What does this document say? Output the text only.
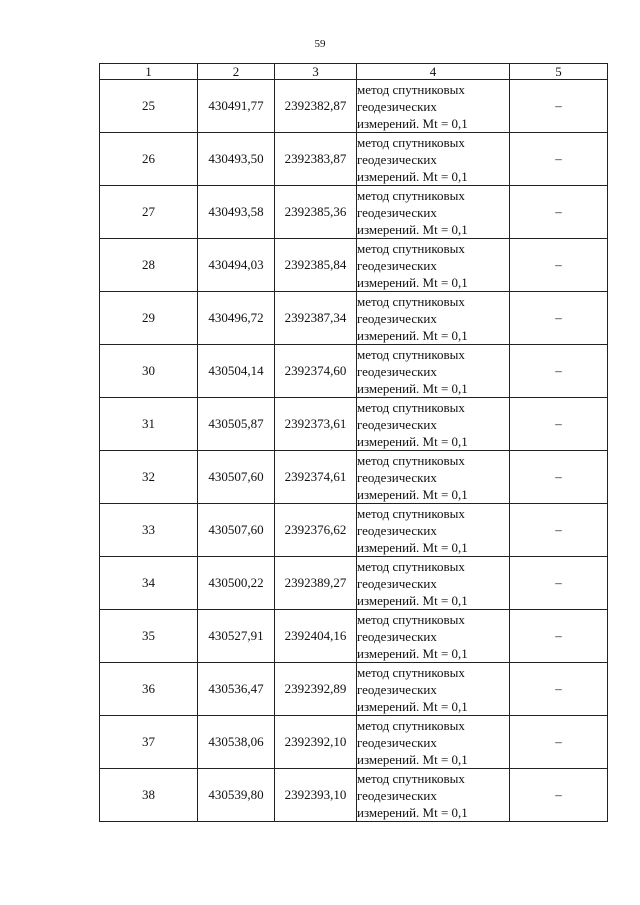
59
1	2	3	4	5
25	430491,77	2392382,87	метод спутниковых
геодезических
измерений. Mt = 0,1	–
26	430493,50	2392383,87	метод спутниковых
геодезических
измерений. Mt = 0,1	–
27	430493,58	2392385,36	метод спутниковых
геодезических
измерений. Mt = 0,1	–
28	430494,03	2392385,84	метод спутниковых
геодезических
измерений. Mt = 0,1	–
29	430496,72	2392387,34	метод спутниковых
геодезических
измерений. Mt = 0,1	–
30	430504,14	2392374,60	метод спутниковых
геодезических
измерений. Mt = 0,1	–
31	430505,87	2392373,61	метод спутниковых
геодезических
измерений. Mt = 0,1	–
32	430507,60	2392374,61	метод спутниковых
геодезических
измерений. Mt = 0,1	–
33	430507,60	2392376,62	метод спутниковых
геодезических
измерений. Mt = 0,1	–
34	430500,22	2392389,27	метод спутниковых
геодезических
измерений. Mt = 0,1	–
35	430527,91	2392404,16	метод спутниковых
геодезических
измерений. Mt = 0,1	–
36	430536,47	2392392,89	метод спутниковых
геодезических
измерений. Mt = 0,1	–
37	430538,06	2392392,10	метод спутниковых
геодезических
измерений. Mt = 0,1	–
38	430539,80	2392393,10	метод спутниковых
геодезических
измерений. Mt = 0,1	–
